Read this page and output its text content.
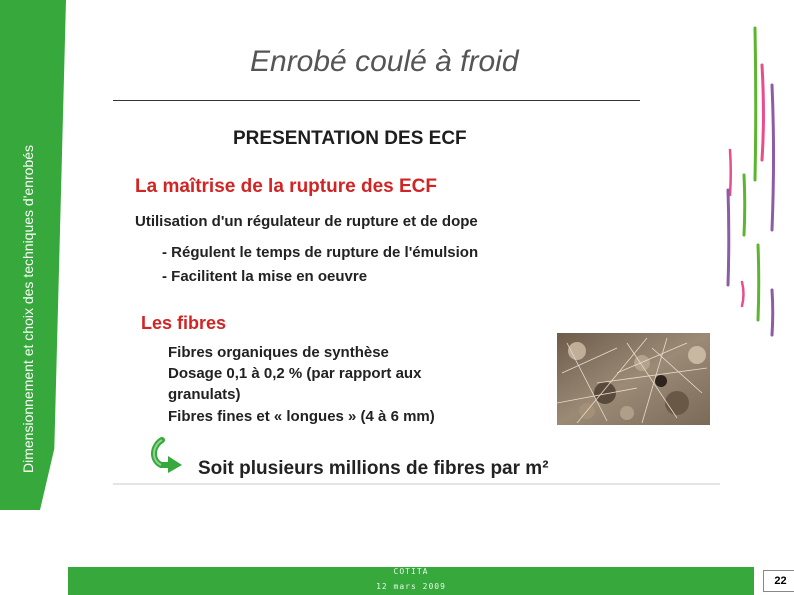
Dimensionnement et choix des techniques d'enrobés
Enrobé coulé à froid
PRESENTATION DES ECF
La maîtrise de la rupture des ECF
Utilisation d'un régulateur de rupture et de dope
- Régulent le temps de rupture de l'émulsion
- Facilitent la mise en oeuvre
Les fibres
Fibres organiques de synthèse
Dosage 0,1 à 0,2 % (par rapport aux
granulats)
Fibres fines et « longues » (4 à 6 mm)
Soit plusieurs millions de fibres par m²
COTITA
12 mars 2009	22
